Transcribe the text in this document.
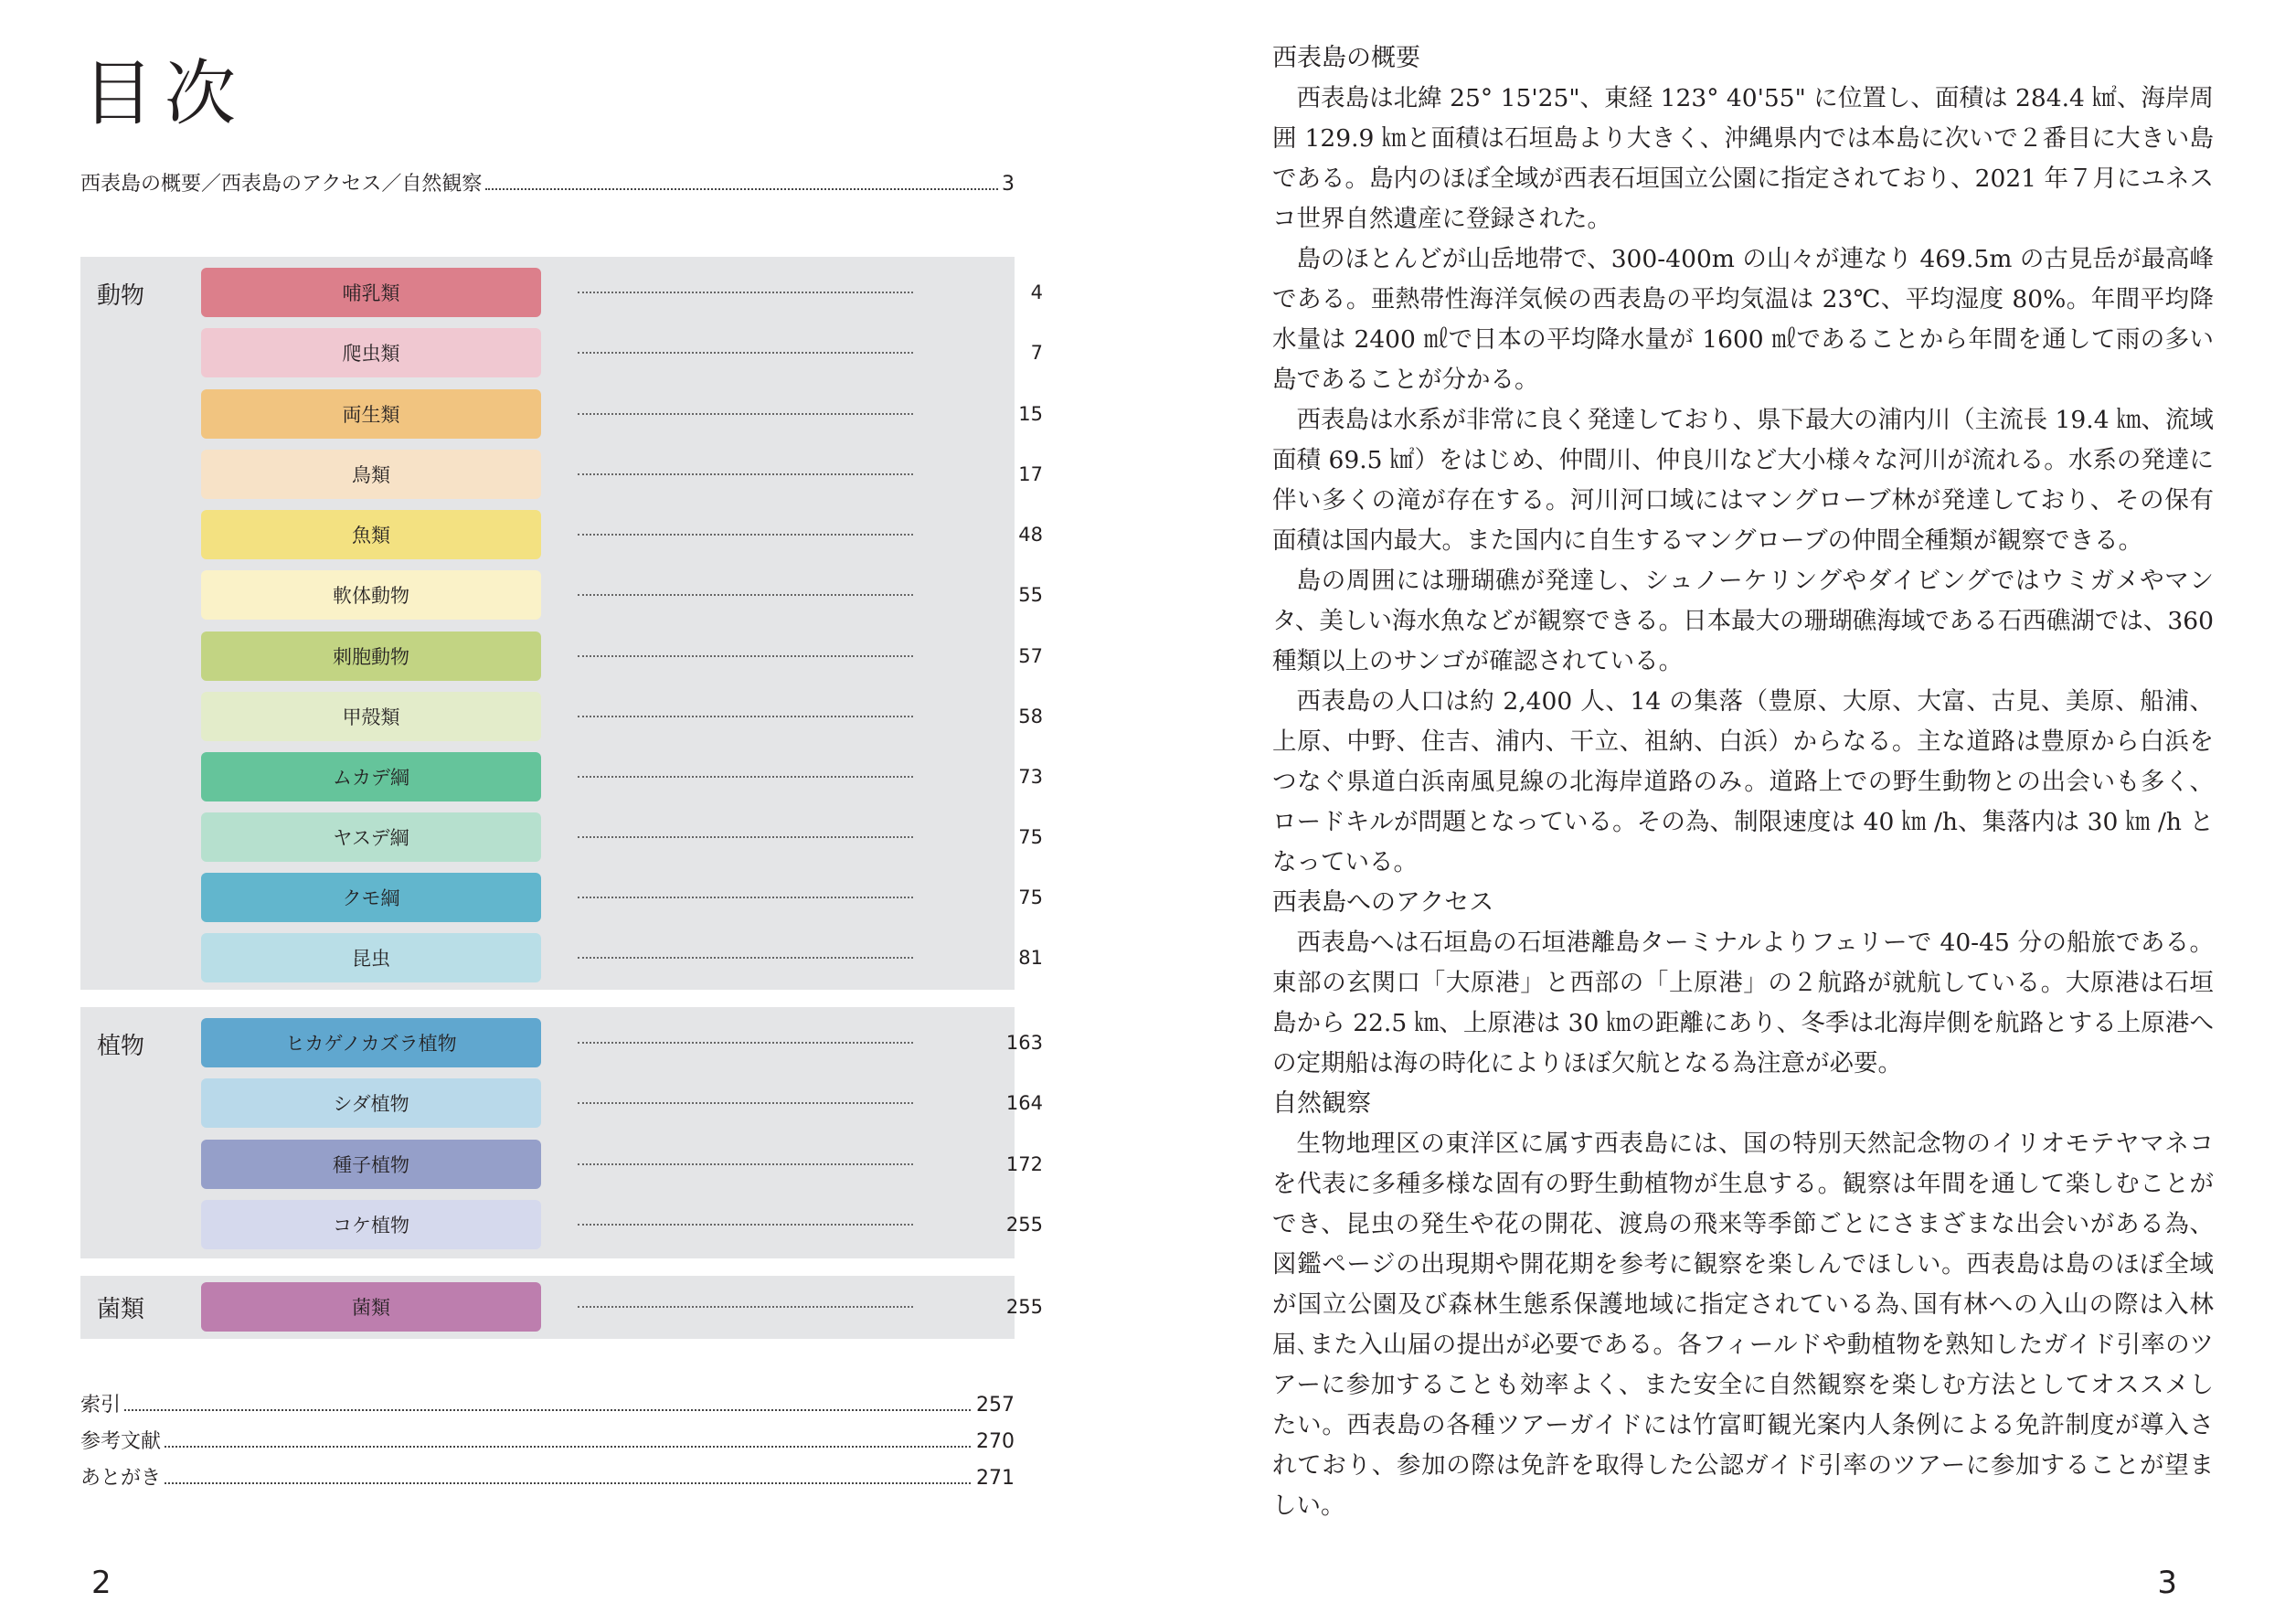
目次
西表島の概要／西表島のアクセス／自然観察	3
動物	哺乳類	4
爬虫類	7
両生類	15
鳥類	17
魚類	48
軟体動物	55
刺胞動物	57
甲殻類	58
ムカデ綱	73
ヤスデ綱	75
クモ綱	75
昆虫	81
植物	ヒカゲノカズラ植物	163
シダ植物	164
種子植物	172
コケ植物	255
菌類	菌類	255
索引	257
参考文献	270
あとがき	271
2
西表島の概要

西表島は北緯 25° 15'25"、東経 123° 40'55" に位置し、面積は 284.4 ㎢、海岸周囲 129.9 ㎞と面積は石垣島より大きく、沖縄県内では本島に次いで２番目に大きい島である。島内のほぼ全域が西表石垣国立公園に指定されており、2021 年７月にユネスコ世界自然遺産に登録された。

島のほとんどが山岳地帯で、300-400m の山々が連なり 469.5m の古見岳が最高峰である。亜熱帯性海洋気候の西表島の平均気温は 23℃、平均湿度 80%。年間平均降水量は 2400 ㎖で日本の平均降水量が 1600 ㎖であることから年間を通して雨の多い島であることが分かる。

西表島は水系が非常に良く発達しており、県下最大の浦内川（主流長 19.4 ㎞、流域面積 69.5 ㎢）をはじめ、仲間川、仲良川など大小様々な河川が流れる。水系の発達に伴い多くの滝が存在する。河川河口域にはマングローブ林が発達しており、その保有面積は国内最大。また国内に自生するマングローブの仲間全種類が観察できる。

島の周囲には珊瑚礁が発達し、シュノーケリングやダイビングではウミガメやマンタ、美しい海水魚などが観察できる。日本最大の珊瑚礁海域である石西礁湖では、360 種類以上のサンゴが確認されている。

西表島の人口は約 2,400 人、14 の集落（豊原、大原、大富、古見、美原、船浦、上原、中野、住吉、浦内、干立、祖納、白浜）からなる。主な道路は豊原から白浜をつなぐ県道白浜南風見線の北海岸道路のみ。道路上での野生動物との出会いも多く、ロードキルが問題となっている。その為、制限速度は 40 ㎞ /h、集落内は 30 ㎞ /h となっている。

西表島へのアクセス

西表島へは石垣島の石垣港離島ターミナルよりフェリーで 40-45 分の船旅である。東部の玄関口「大原港」と西部の「上原港」の２航路が就航している。大原港は石垣島から 22.5 ㎞、上原港は 30 ㎞の距離にあり、冬季は北海岸側を航路とする上原港への定期船は海の時化によりほぼ欠航となる為注意が必要。

自然観察

生物地理区の東洋区に属す西表島には、国の特別天然記念物のイリオモテヤマネコを代表に多種多様な固有の野生動植物が生息する。観察は年間を通して楽しむことができ、昆虫の発生や花の開花、渡鳥の飛来等季節ごとにさまざまな出会いがある為、図鑑ページの出現期や開花期を参考に観察を楽しんでほしい。西表島は島のほぼ全域が国立公園及び森林生態系保護地域に指定されている為､国有林への入山の際は入林届､また入山届の提出が必要である。各フィールドや動植物を熟知したガイド引率のツアーに参加することも効率よく、また安全に自然観察を楽しむ方法としてオススメしたい。西表島の各種ツアーガイドには竹富町観光案内人条例による免許制度が導入されており、参加の際は免許を取得した公認ガイド引率のツアーに参加することが望ましい。

3
